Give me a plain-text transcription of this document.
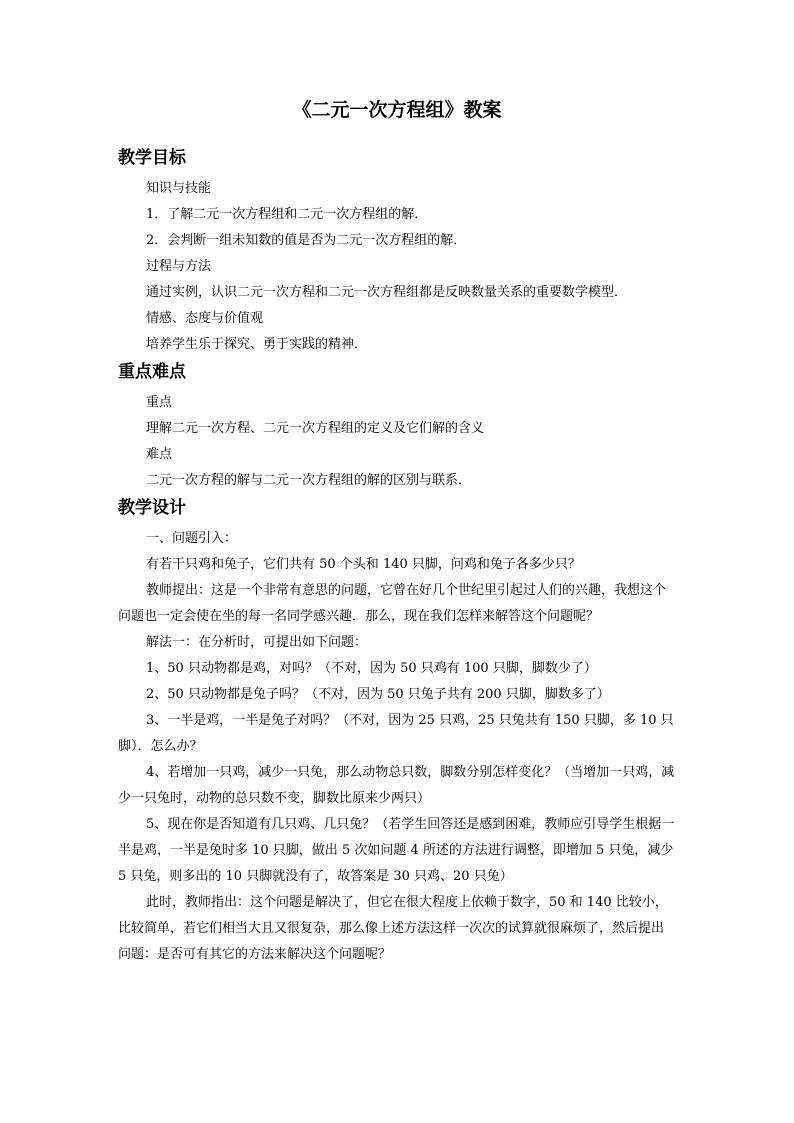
《二元一次方程组》教案
教学目标

知识与技能

1．了解二元一次方程组和二元一次方程组的解．

2．会判断一组未知数的值是否为二元一次方程组的解．

过程与方法

通过实例，认识二元一次方程和二元一次方程组都是反映数量关系的重要数学模型．

情感、态度与价值观

培养学生乐于探究、勇于实践的精神．

重点难点

重点

理解二元一次方程、二元一次方程组的定义及它们解的含义

难点

二元一次方程的解与二元一次方程组的解的区别与联系．

教学设计

一、问题引入：

有若干只鸡和兔子，它们共有 50 个头和 140 只脚，问鸡和兔子各多少只？

教师提出：这是一个非常有意思的问题，它曾在好几个世纪里引起过人们的兴趣，我想这个问题也一定会使在坐的每一名同学感兴趣．那么，现在我们怎样来解答这个问题呢？

解法一：在分析时，可提出如下问题：

1、50 只动物都是鸡，对吗？（不对，因为 50 只鸡有 100 只脚，脚数少了）

2、50 只动物都是兔子吗？（不对，因为 50 只兔子共有 200 只脚，脚数多了）

3、一半是鸡，一半是兔子对吗？（不对，因为 25 只鸡，25 只兔共有 150 只脚，多 10 只脚）．怎么办？

4、若增加一只鸡，减少一只兔，那么动物总只数，脚数分别怎样变化？（当增加一只鸡，减少一只兔时，动物的总只数不变，脚数比原来少两只）

5、现在你是否知道有几只鸡、几只兔？（若学生回答还是感到困难，教师应引导学生根据一半是鸡，一半是兔时多 10 只脚，做出 5 次如问题 4 所述的方法进行调整，即增加 5 只兔，减少 5 只兔，则多出的 10 只脚就没有了，故答案是 30 只鸡、20 只兔）

此时，教师指出：这个问题是解决了，但它在很大程度上依赖于数字，50 和 140 比较小，比较简单，若它们相当大且又很复杂，那么像上述方法这样一次次的试算就很麻烦了，然后提出问题：是否可有其它的方法来解决这个问题呢？
